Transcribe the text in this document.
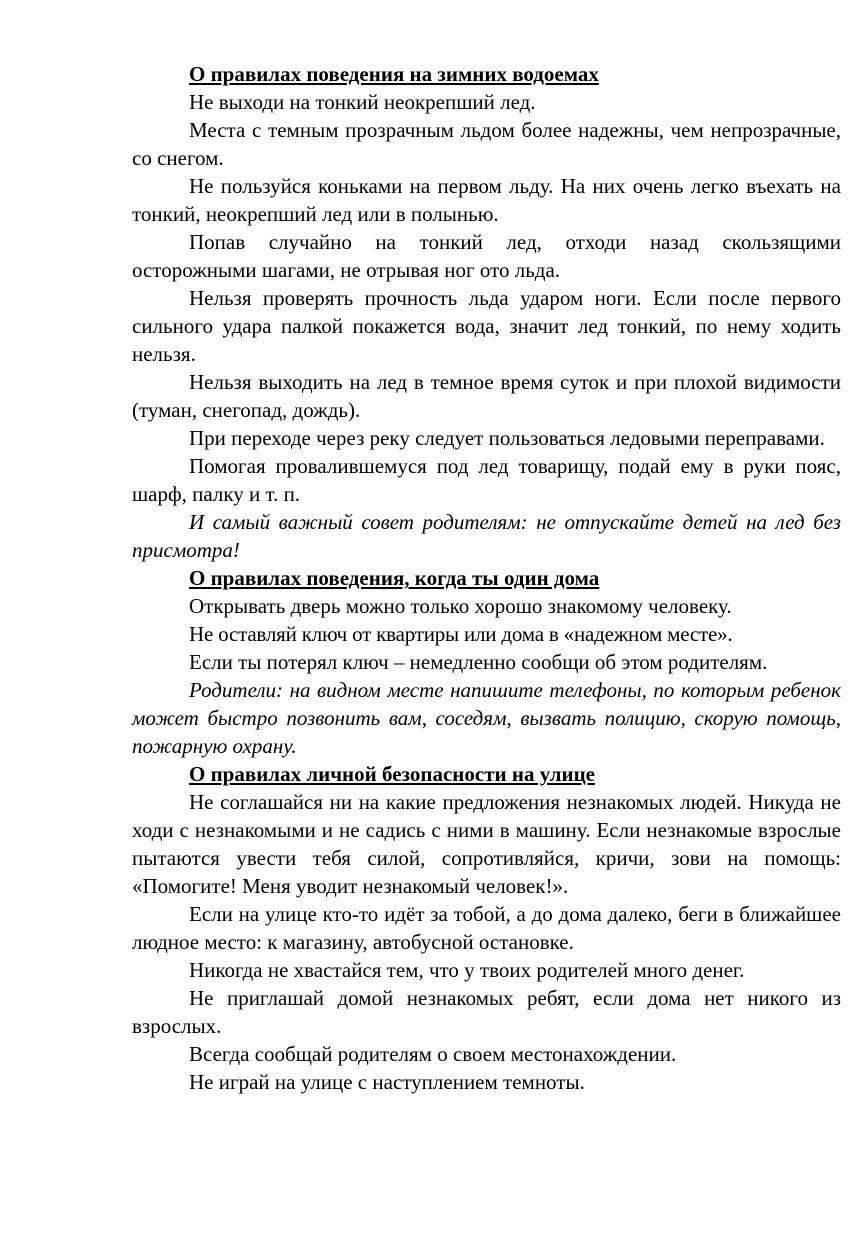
О правилах поведения на зимних водоемах

Не выходи на тонкий неокрепший лед.

Места с темным прозрачным льдом более надежны, чем непрозрачные, со снегом.

Не пользуйся коньками на первом льду. На них очень легко въехать на тонкий, неокрепший лед или в полынью.

Попав случайно на тонкий лед, отходи назад скользящими осторожными шагами, не отрывая ног ото льда.

Нельзя проверять прочность льда ударом ноги. Если после первого сильного удара палкой покажется вода, значит лед тонкий, по нему ходить нельзя.

Нельзя выходить на лед в темное время суток и при плохой видимости (туман, снегопад, дождь).

При переходе через реку следует пользоваться ледовыми переправами.

Помогая провалившемуся под лед товарищу, подай ему в руки пояс, шарф, палку и т. п.

И самый важный совет родителям: не отпускайте детей на лед без присмотра!

О правилах поведения, когда ты один дома

Открывать дверь можно только хорошо знакомому человеку.

Не оставляй ключ от квартиры или дома в «надежном месте».

Если ты потерял ключ – немедленно сообщи об этом родителям.

Родители: на видном месте напишите телефоны, по которым ребенок может быстро позвонить вам, соседям, вызвать полицию, скорую помощь, пожарную охрану.

О правилах личной безопасности на улице

Не соглашайся ни на какие предложения незнакомых людей. Никуда не ходи с незнакомыми и не садись с ними в машину. Если незнакомые взрослые пытаются увести тебя силой, сопротивляйся, кричи, зови на помощь: «Помогите! Меня уводит незнакомый человек!».

Если на улице кто-то идёт за тобой, а до дома далеко, беги в ближайшее людное место: к магазину, автобусной остановке.

Никогда не хвастайся тем, что у твоих родителей много денег.

Не приглашай домой незнакомых ребят, если дома нет никого из взрослых.

Всегда сообщай родителям о своем местонахождении.

Не играй на улице с наступлением темноты.
